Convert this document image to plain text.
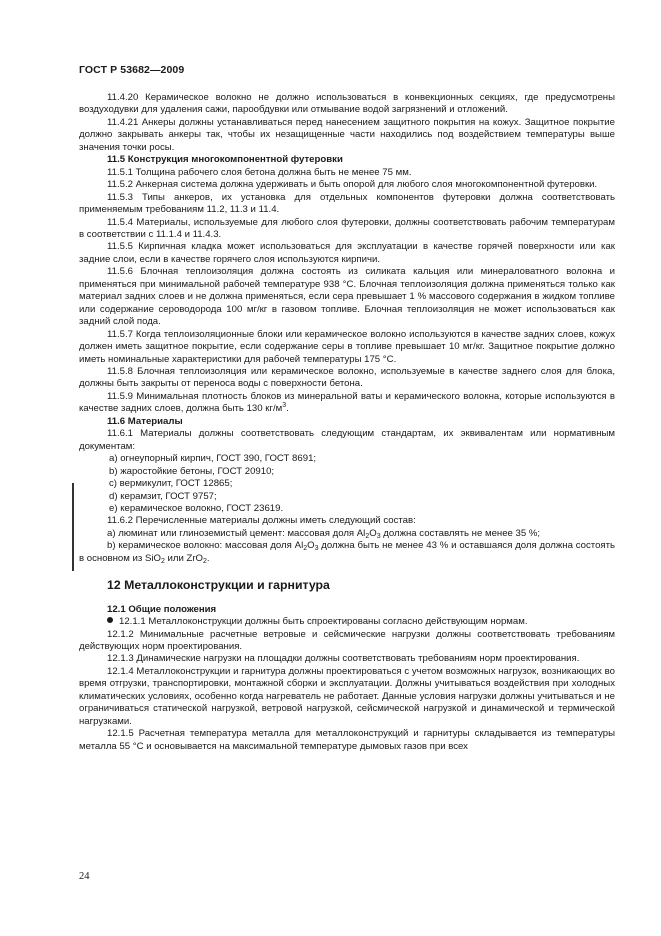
ГОСТ Р 53682—2009

11.4.20 Керамическое волокно не должно использоваться в конвекционных секциях, где предусмотрены воздуходувки для удаления сажи, парообдувки или отмывание водой загрязнений и отложений.

11.4.21 Анкеры должны устанавливаться перед нанесением защитного покрытия на кожух. Защитное покрытие должно закрывать анкеры так, чтобы их незащищенные части находились под воздействием температуры выше значения точки росы.

11.5 Конструкция многокомпонентной футеровки

11.5.1 Толщина рабочего слоя бетона должна быть не менее 75 мм.

11.5.2 Анкерная система должна удерживать и быть опорой для любого слоя многокомпонентной футеровки.

11.5.3 Типы анкеров, их установка для отдельных компонентов футеровки должна соответствовать применяемым требованиям 11.2, 11.3 и 11.4.

11.5.4 Материалы, используемые для любого слоя футеровки, должны соответствовать рабочим температурам в соответствии с 11.1.4 и 11.4.3.

11.5.5 Кирпичная кладка может использоваться для эксплуатации в качестве горячей поверхности или как задние слои, если в качестве горячего слоя используются кирпичи.

11.5.6 Блочная теплоизоляция должна состоять из силиката кальция или минераловатного волокна и применяться при минимальной рабочей температуре 938 °С. Блочная теплоизоляция должна применяться только как материал задних слоев и не должна применяться, если сера превышает 1 % массового содержания в жидком топливе или содержание сероводорода 100 мг/кг в газовом топливе. Блочная теплоизоляция не может использоваться как задний слой пода.

11.5.7 Когда теплоизоляционные блоки или керамическое волокно используются в качестве задних слоев, кожух должен иметь защитное покрытие, если содержание серы в топливе превышает 10 мг/кг. Защитное покрытие должно иметь номинальные характеристики для рабочей температуры 175 °С.

11.5.8 Блочная теплоизоляция или керамическое волокно, используемые в качестве заднего слоя для блока, должны быть закрыты от переноса воды с поверхности бетона.

11.5.9 Минимальная плотность блоков из минеральной ваты и керамического волокна, которые используются в качестве задних слоев, должна быть 130 $кг/м^3$.

11.6 Материалы

11.6.1 Материалы должны соответствовать следующим стандартам, их эквивалентам или нормативным документам:

а) огнеупорный кирпич, ГОСТ 390, ГОСТ 8691;

b) жаростойкие бетоны, ГОСТ 20910;

с) вермикулит, ГОСТ 12865;

d) керамзит, ГОСТ 9757;

е) керамическое волокно, ГОСТ 23619.

11.6.2 Перечисленные материалы должны иметь следующий состав:

а) люминат или глиноземистый цемент: массовая доля $Al_2O_3$ должна составлять не менее 35 %;

b) керамическое волокно: массовая доля $Al_2O_3$ должна быть не менее 43 % и оставшаяся доля должна состоять в основном из SiO$_2$ или ZrO$_2$.

12 Металлоконструкции и гарнитура

12.1 Общие положения

12.1.1 Металлоконструкции должны быть спроектированы согласно действующим нормам.

12.1.2 Минимальные расчетные ветровые и сейсмические нагрузки должны соответствовать требованиям действующих норм проектирования.

12.1.3 Динамические нагрузки на площадки должны соответствовать требованиям норм проектирования.

12.1.4 Металлоконструкции и гарнитура должны проектироваться с учетом возможных нагрузок, возникающих во время отгрузки, транспортировки, монтажной сборки и эксплуатации. Должны учитываться воздействия при холодных климатических условиях, особенно когда нагреватель не работает. Данные условия нагрузки должны учитываться и не ограничиваться статической нагрузкой, ветровой нагрузкой, сейсмической нагрузкой и динамической и термической нагрузками.

12.1.5 Расчетная температура металла для металлоконструкций и гарнитуры складывается из температуры металла 55 °С и основывается на максимальной температуре дымовых газов при всех

24
